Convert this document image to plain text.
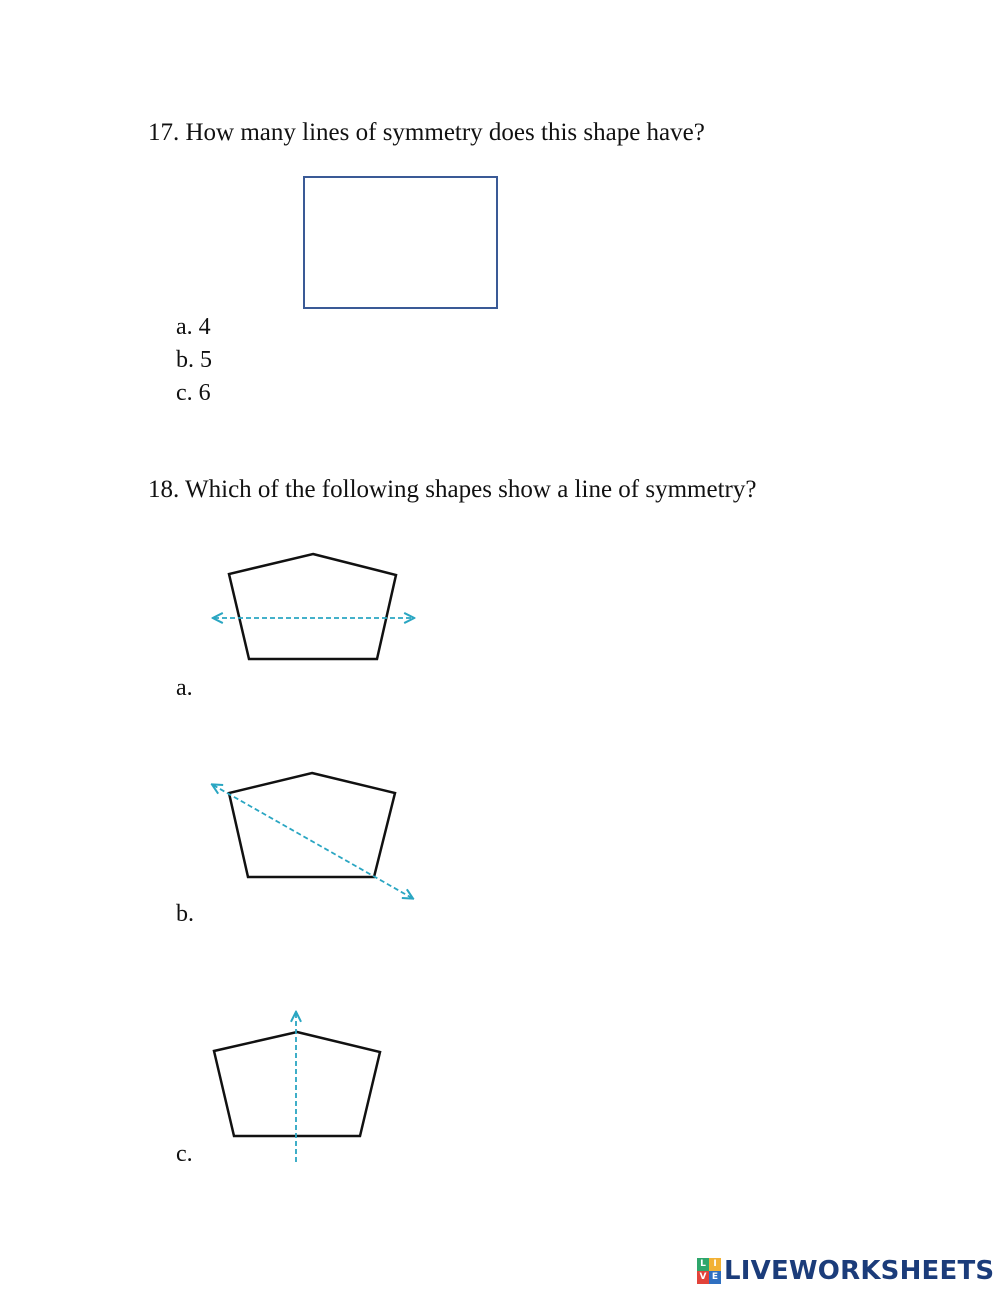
17. How many lines of symmetry does this shape have?

a. 4
b. 5
c. 6

18. Which of the following shapes show a line of symmetry?

a.
b.
c.
L I
V E LIVEWORKSHEETS
